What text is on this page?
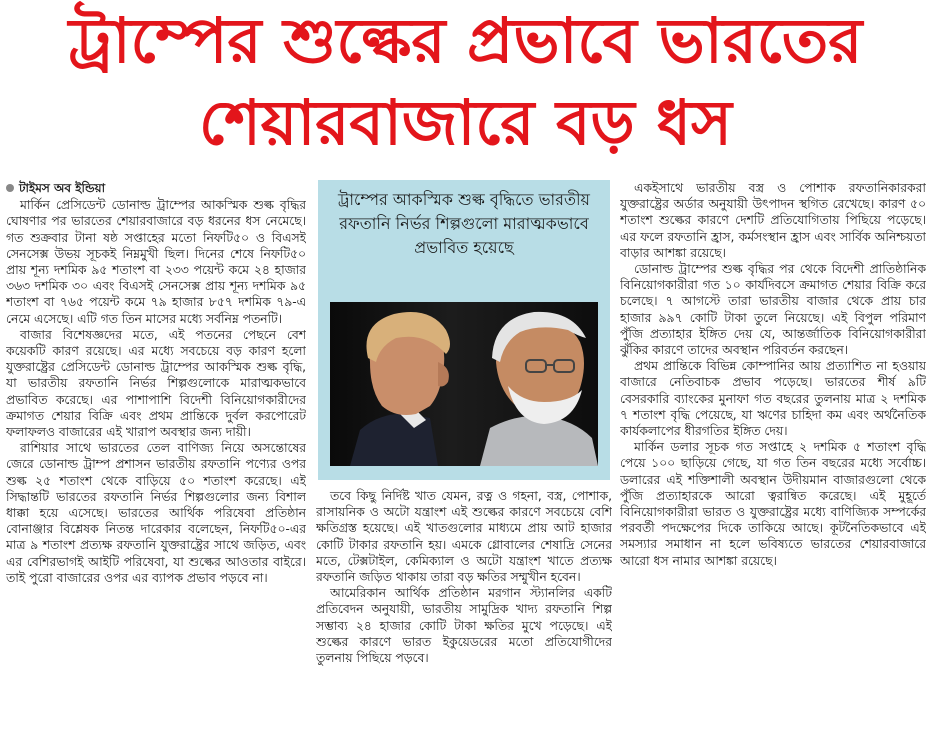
ট্রাম্পের শুল্কের প্রভাবে ভারতের
শেয়ারবাজারে বড় ধস
টাইমস অব ইন্ডিয়া

মার্কিন প্রেসিডেন্ট ডোনাল্ড ট্রাম্পের আকস্মিক শুল্ক বৃদ্ধির ঘোষণার পর ভারতের শেয়ারবাজারে বড় ধরনের ধস নেমেছে। গত শুক্রবার টানা ষষ্ঠ সপ্তাহের মতো নিফটি৫০ ও বিএসই সেনসেক্স উভয় সূচকই নিম্নমুখী ছিল। দিনের শেষে নিফটি৫০ প্রায় শূন্য দশমিক ৯৫ শতাংশ বা ২৩৩ পয়েন্ট কমে ২৪ হাজার ৩৬৩ দশমিক ৩০ এবং বিএসই সেনসেক্স প্রায় শূন্য দশমিক ৯৫ শতাংশ বা ৭৬৫ পয়েন্ট কমে ৭৯ হাজার ৮৫৭ দশমিক ৭৯-এ নেমে এসেছে। এটি গত তিন মাসের মধ্যে সর্বনিম্ন পতনটি।

বাজার বিশেষজ্ঞদের মতে, এই পতনের পেছনে বেশ কয়েকটি কারণ রয়েছে। এর মধ্যে সবচেয়ে বড় কারণ হলো যুক্তরাষ্ট্রের প্রেসিডেন্ট ডোনাল্ড ট্রাম্পের আকস্মিক শুল্ক বৃদ্ধি, যা ভারতীয় রফতানি নির্ভর শিল্পগুলোকে মারাত্মকভাবে প্রভাবিত করেছে। এর পাশাপাশি বিদেশী বিনিয়োগকারীদের ক্রমাগত শেয়ার বিক্রি এবং প্রথম প্রান্তিকে দুর্বল করপোরেট ফলাফলও বাজারের এই খারাপ অবস্থার জন্য দায়ী।

রাশিয়ার সাথে ভারতের তেল বাণিজ্য নিয়ে অসন্তোষের জেরে ডোনাল্ড ট্রাম্প প্রশাসন ভারতীয় রফতানি পণ্যের ওপর শুল্ক ২৫ শতাংশ থেকে বাড়িয়ে ৫০ শতাংশ করেছে। এই সিদ্ধান্তটি ভারতের রফতানি নির্ভর শিল্পগুলোর জন্য বিশাল ধাক্কা হয়ে এসেছে। ভারতের আর্থিক পরিষেবা প্রতিষ্ঠান বোনাঞ্জার বিশ্লেষক নিতন্ত দারেকার বলেছেন, নিফটি৫০-এর মাত্র ৯ শতাংশ প্রত্যক্ষ রফতানি যুক্তরাষ্ট্রের সাথে জড়িত, এবং এর বেশিরভাগই আইটি পরিষেবা, যা শুল্কের আওতার বাইরে। তাই পুরো বাজারের ওপর এর ব্যাপক প্রভাব পড়বে না।

ট্রাম্পের আকস্মিক শুল্ক বৃদ্ধিতে ভারতীয় রফতানি নির্ভর শিল্পগুলো মারাত্মকভাবে প্রভাবিত হয়েছে

তবে কিছু নির্দিষ্ট খাত যেমন, রত্ন ও গহনা, বস্ত্র, পোশাক, রাসায়নিক ও অটো যন্ত্রাংশ এই শুল্কের কারণে সবচেয়ে বেশি ক্ষতিগ্রস্ত হয়েছে। এই খাতগুলোর মাধ্যমে প্রায় আট হাজার কোটি টাকার রফতানি হয়। এমকে গ্লোবালের শেষাদ্রি সেনের মতে, টেক্সটাইল, কেমিক্যাল ও অটো যন্ত্রাংশ খাতে প্রত্যক্ষ রফতানি জড়িত থাকায় তারা বড় ক্ষতির সম্মুখীন হবেন।

আমেরিকান আর্থিক প্রতিষ্ঠান মরগান স্ট্যানলির একটি প্রতিবেদন অনুযায়ী, ভারতীয় সামুদ্রিক খাদ্য রফতানি শিল্প সম্ভাব্য ২৪ হাজার কোটি টাকা ক্ষতির মুখে পড়েছে। এই শুল্কের কারণে ভারত ইকুয়েডরের মতো প্রতিযোগীদের তুলনায় পিছিয়ে পড়বে।

একইসাথে ভারতীয় বস্ত্র ও পোশাক রফতানিকারকরা যুক্তরাষ্ট্রের অর্ডার অনুযায়ী উৎপাদন স্থগিত রেখেছে। কারণ ৫০ শতাংশ শুল্কের কারণে দেশটি প্রতিযোগিতায় পিছিয়ে পড়েছে। এর ফলে রফতানি হ্রাস, কর্মসংস্থান হ্রাস এবং সার্বিক অনিশ্চয়তা বাড়ার আশঙ্কা রয়েছে।

ডোনাল্ড ট্রাম্পের শুল্ক বৃদ্ধির পর থেকে বিদেশী প্রাতিষ্ঠানিক বিনিয়োগকারীরা গত ১০ কার্যদিবসে ক্রমাগত শেয়ার বিক্রি করে চলেছে। ৭ আগস্টে তারা ভারতীয় বাজার থেকে প্রায় চার হাজার ৯৯৭ কোটি টাকা তুলে নিয়েছে। এই বিপুল পরিমাণ পুঁজি প্রত্যাহার ইঙ্গিত দেয় যে, আন্তর্জাতিক বিনিয়োগকারীরা ঝুঁকির কারণে তাদের অবস্থান পরিবর্তন করছেন।

প্রথম প্রান্তিকে বিভিন্ন কোম্পানির আয় প্রত্যাশিত না হওয়ায় বাজারে নেতিবাচক প্রভাব পড়েছে। ভারতের শীর্ষ ৯টি বেসরকারি ব্যাংকের মুনাফা গত বছরের তুলনায় মাত্র ২ দশমিক ৭ শতাংশ বৃদ্ধি পেয়েছে, যা ঋণের চাহিদা কম এবং অর্থনৈতিক কার্যকলাপের ধীরগতির ইঙ্গিত দেয়।

মার্কিন ডলার সূচক গত সপ্তাহে ২ দশমিক ৫ শতাংশ বৃদ্ধি পেয়ে ১০০ ছাড়িয়ে গেছে, যা গত তিন বছরের মধ্যে সর্বোচ্চ। ডলারের এই শক্তিশালী অবস্থান উদীয়মান বাজারগুলো থেকে পুঁজি প্রত্যাহারকে আরো ত্বরান্বিত করেছে। এই মুহূর্তে বিনিয়োগকারীরা ভারত ও যুক্তরাষ্ট্রের মধ্যে বাণিজ্যিক সম্পর্কের পরবর্তী পদক্ষেপের দিকে তাকিয়ে আছে। কূটনৈতিকভাবে এই সমস্যার সমাধান না হলে ভবিষ্যতে ভারতের শেয়ারবাজারে আরো ধস নামার আশঙ্কা রয়েছে।
